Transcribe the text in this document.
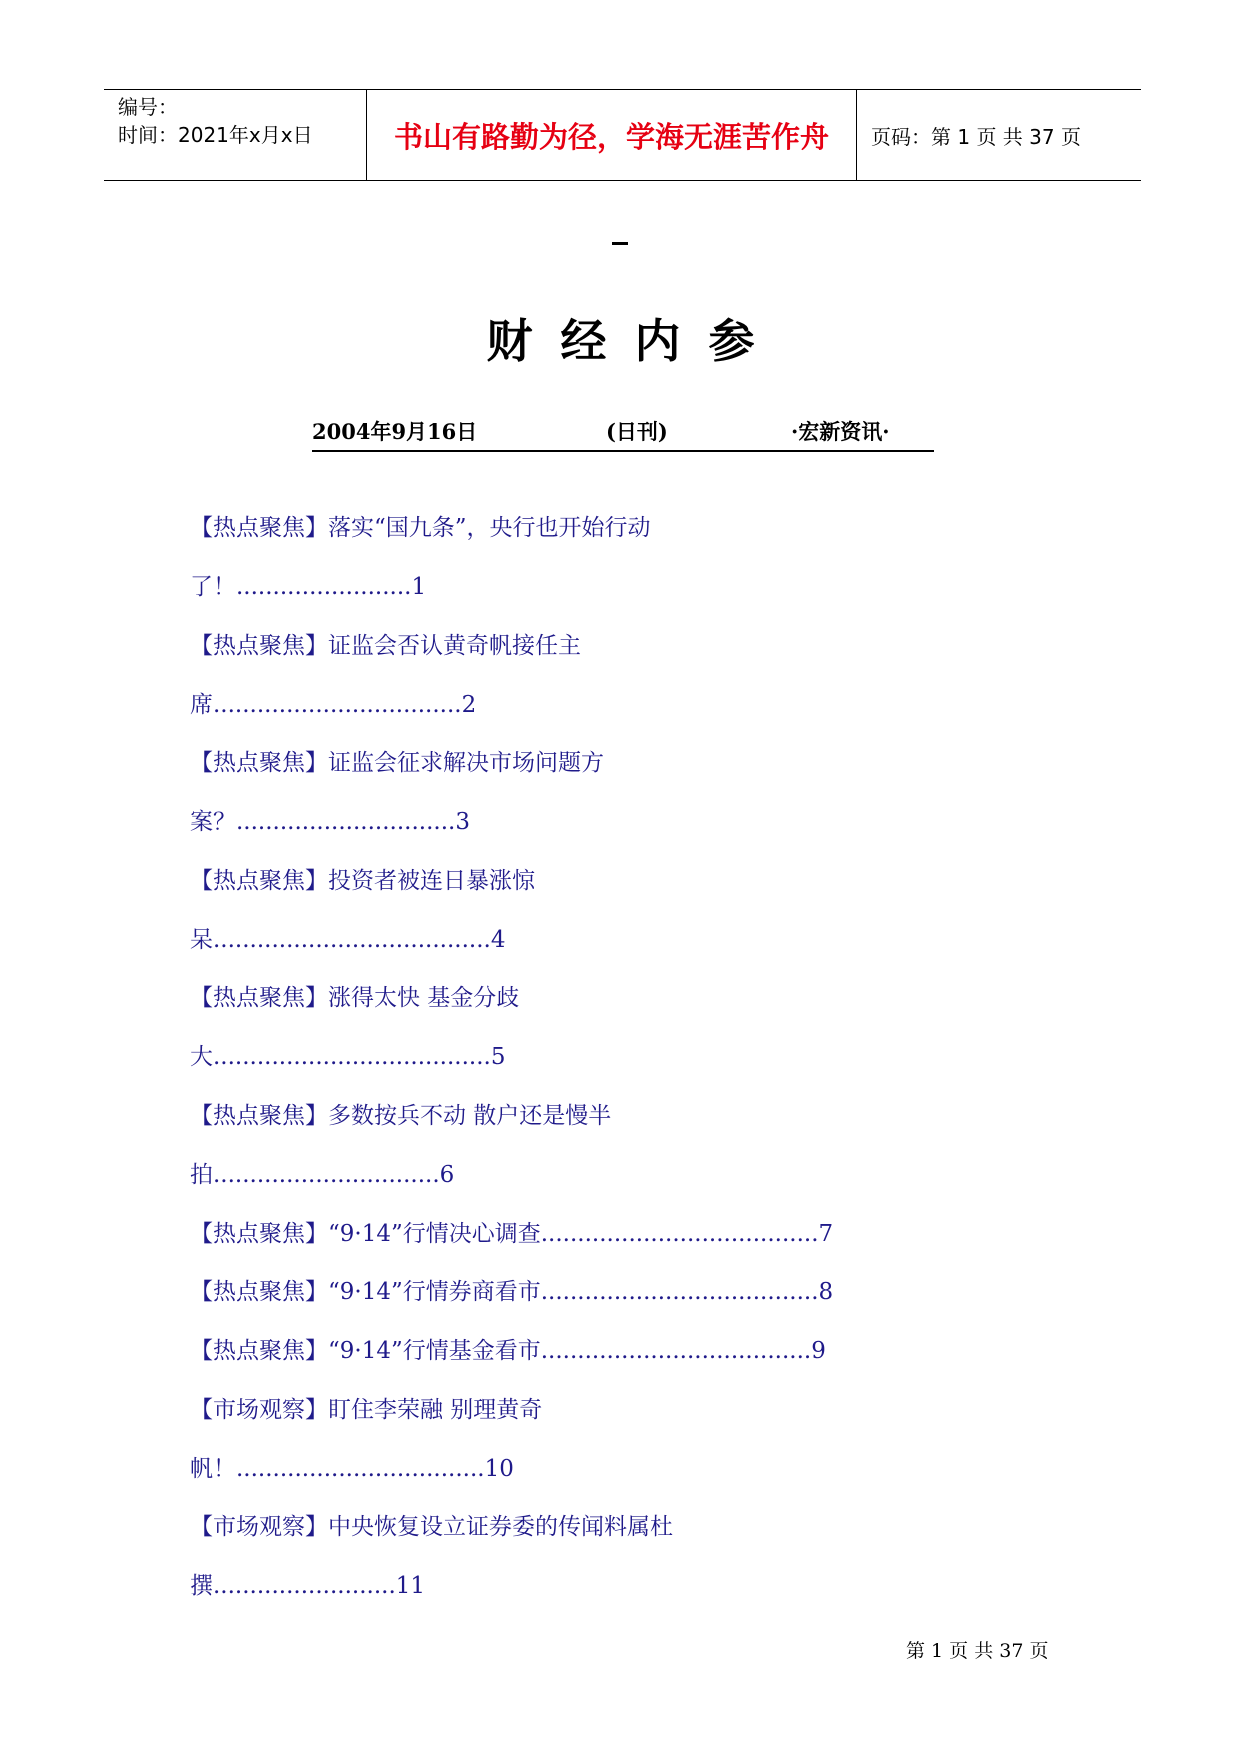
编号：
时间：2021年x月x日	书山有路勤为径，学海无涯苦作舟	页码：第 1 页 共 37 页
财经内参
2004年9月16日	(日刊)	·宏新资讯·
【热点聚焦】落实“国九条”，央行也开始行动
了！........................1
【热点聚焦】证监会否认黄奇帆接任主
席..................................2
【热点聚焦】证监会征求解决市场问题方
案？..............................3
【热点聚焦】投资者被连日暴涨惊
呆......................................4
【热点聚焦】涨得太快 基金分歧
大......................................5
【热点聚焦】多数按兵不动 散户还是慢半
拍...............................6
【热点聚焦】“9·14”行情决心调查......................................7
【热点聚焦】“9·14”行情券商看市......................................8
【热点聚焦】“9·14”行情基金看市.....................................9
【市场观察】盯住李荣融 别理黄奇
帆！..................................10
【市场观察】中央恢复设立证券委的传闻料属杜
撰.........................11
第 1 页 共 37 页
